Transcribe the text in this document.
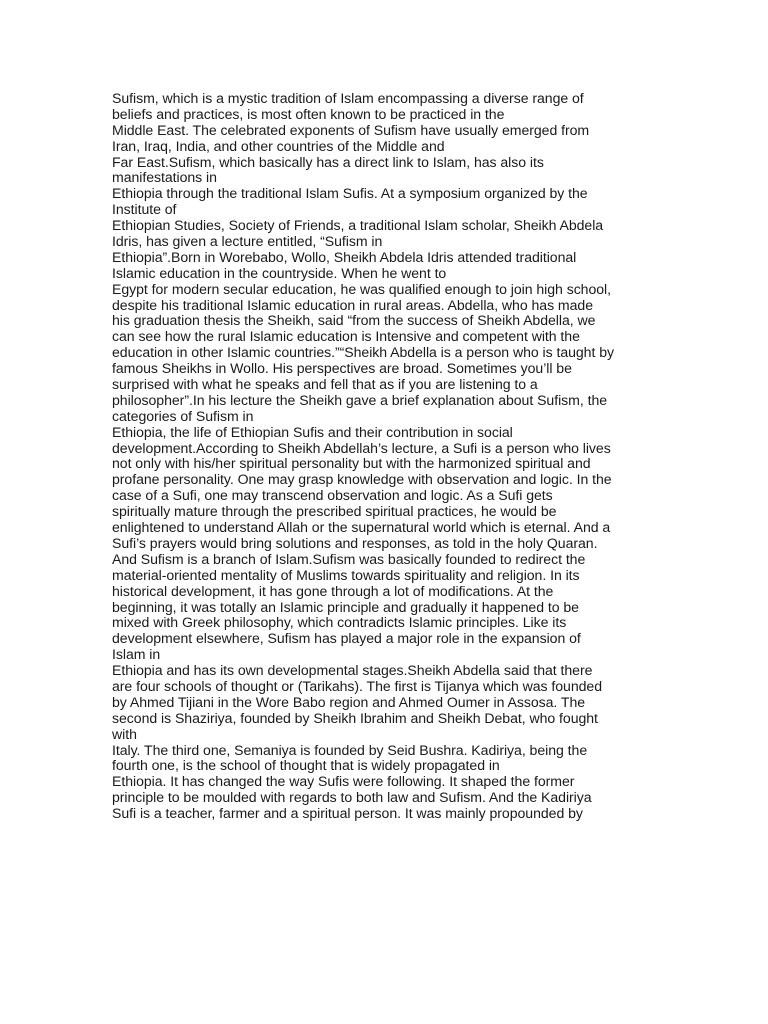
Sufism, which is a mystic tradition of Islam encompassing a diverse range of
beliefs and practices, is most often known to be practiced in the
Middle East. The celebrated exponents of Sufism have usually emerged from
Iran, Iraq, India, and other countries of the Middle and
Far East.Sufism, which basically has a direct link to Islam, has also its
manifestations in
Ethiopia through the traditional Islam Sufis. At a symposium organized by the
Institute of
Ethiopian Studies, Society of Friends, a traditional Islam scholar, Sheikh Abdela
Idris, has given a lecture entitled, “Sufism in
Ethiopia”.Born in Worebabo, Wollo, Sheikh Abdela Idris attended traditional
Islamic education in the countryside. When he went to
Egypt for modern secular education, he was qualified enough to join high school,
despite his traditional Islamic education in rural areas. Abdella, who has made
his graduation thesis the Sheikh, said “from the success of Sheikh Abdella, we
can see how the rural Islamic education is Intensive and competent with the
education in other Islamic countries.”“Sheikh Abdella is a person who is taught by
famous Sheikhs in Wollo. His perspectives are broad. Sometimes you’ll be
surprised with what he speaks and fell that as if you are listening to a
philosopher”.In his lecture the Sheikh gave a brief explanation about Sufism, the
categories of Sufism in
Ethiopia, the life of Ethiopian Sufis and their contribution in social
development.According to Sheikh Abdellah’s lecture, a Sufi is a person who lives
not only with his/her spiritual personality but with the harmonized spiritual and
profane personality. One may grasp knowledge with observation and logic. In the
case of a Sufi, one may transcend observation and logic. As a Sufi gets
spiritually mature through the prescribed spiritual practices, he would be
enlightened to understand Allah or the supernatural world which is eternal. And a
Sufi’s prayers would bring solutions and responses, as told in the holy Quaran.
And Sufism is a branch of Islam.Sufism was basically founded to redirect the
material-oriented mentality of Muslims towards spirituality and religion. In its
historical development, it has gone through a lot of modifications. At the
beginning, it was totally an Islamic principle and gradually it happened to be
mixed with Greek philosophy, which contradicts Islamic principles. Like its
development elsewhere, Sufism has played a major role in the expansion of
Islam in
Ethiopia and has its own developmental stages.Sheikh Abdella said that there
are four schools of thought or (Tarikahs). The first is Tijanya which was founded
by Ahmed Tijiani in the Wore Babo region and Ahmed Oumer in Assosa. The
second is Shaziriya, founded by Sheikh Ibrahim and Sheikh Debat, who fought
with
Italy. The third one, Semaniya is founded by Seid Bushra. Kadiriya, being the
fourth one, is the school of thought that is widely propagated in
Ethiopia. It has changed the way Sufis were following. It shaped the former
principle to be moulded with regards to both law and Sufism. And the Kadiriya
Sufi is a teacher, farmer and a spiritual person. It was mainly propounded by
